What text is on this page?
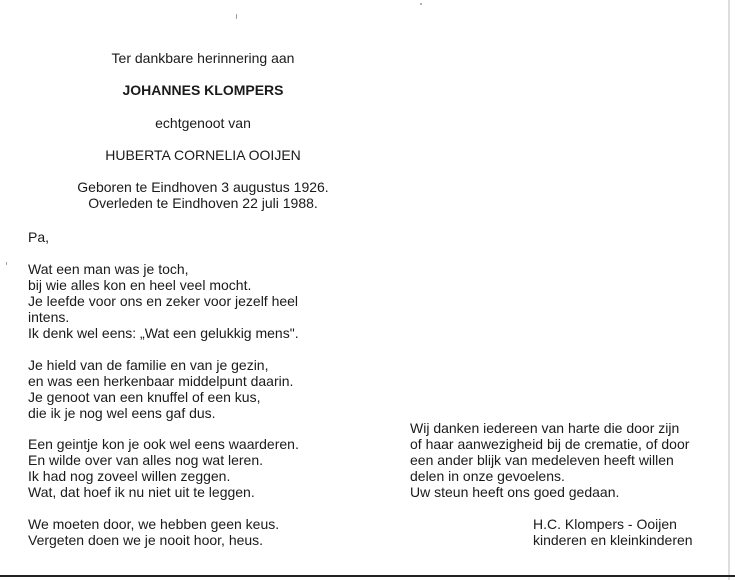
Ter dankbare herinnering aan
JOHANNES KLOMPERS
echtgenoot van
HUBERTA CORNELIA OOIJEN
Geboren te Eindhoven 3 augustus 1926.
Overleden te Eindhoven 22 juli 1988.
Pa,
Wat een man was je toch,
bij wie alles kon en heel veel mocht.
Je leefde voor ons en zeker voor jezelf heel
intens.
Ik denk wel eens: „Wat een gelukkig mens".
Je hield van de familie en van je gezin,
en was een herkenbaar middelpunt daarin.
Je genoot van een knuffel of een kus,
die ik je nog wel eens gaf dus.
Een geintje kon je ook wel eens waarderen.
En wilde over van alles nog wat leren.
Ik had nog zoveel willen zeggen.
Wat, dat hoef ik nu niet uit te leggen.
We moeten door, we hebben geen keus.
Vergeten doen we je nooit hoor, heus.
Wij danken iedereen van harte die door zijn
of haar aanwezigheid bij de crematie, of door
een ander blijk van medeleven heeft willen
delen in onze gevoelens.
Uw steun heeft ons goed gedaan.
H.C. Klompers - Ooijen
kinderen en kleinkinderen
